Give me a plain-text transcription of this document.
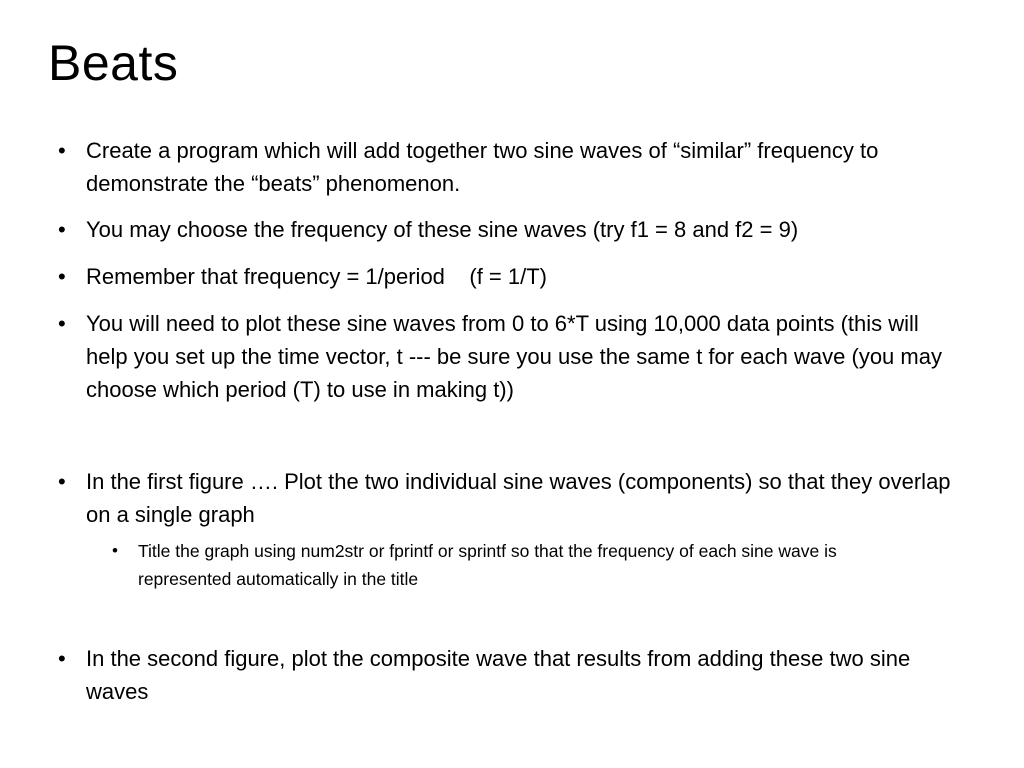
Beats
• Create a program which will add together two sine waves of “similar” frequency to demonstrate the “beats” phenomenon.
• You may choose the frequency of these sine waves (try f1 = 8 and f2 = 9)
• Remember that frequency = 1/period    (f = 1/T)
• You will need to plot these sine waves from 0 to 6*T using 10,000 data points (this will help you set up the time vector, t --- be sure you use the same t for each wave (you may choose which period (T) to use in making t))
• In the first figure …. Plot the two individual sine waves (components) so that they overlap on a single graph
• Title the graph using num2str or fprintf or sprintf so that the frequency of each sine wave is represented automatically in the title
• In the second figure, plot the composite wave that results from adding these two sine waves
